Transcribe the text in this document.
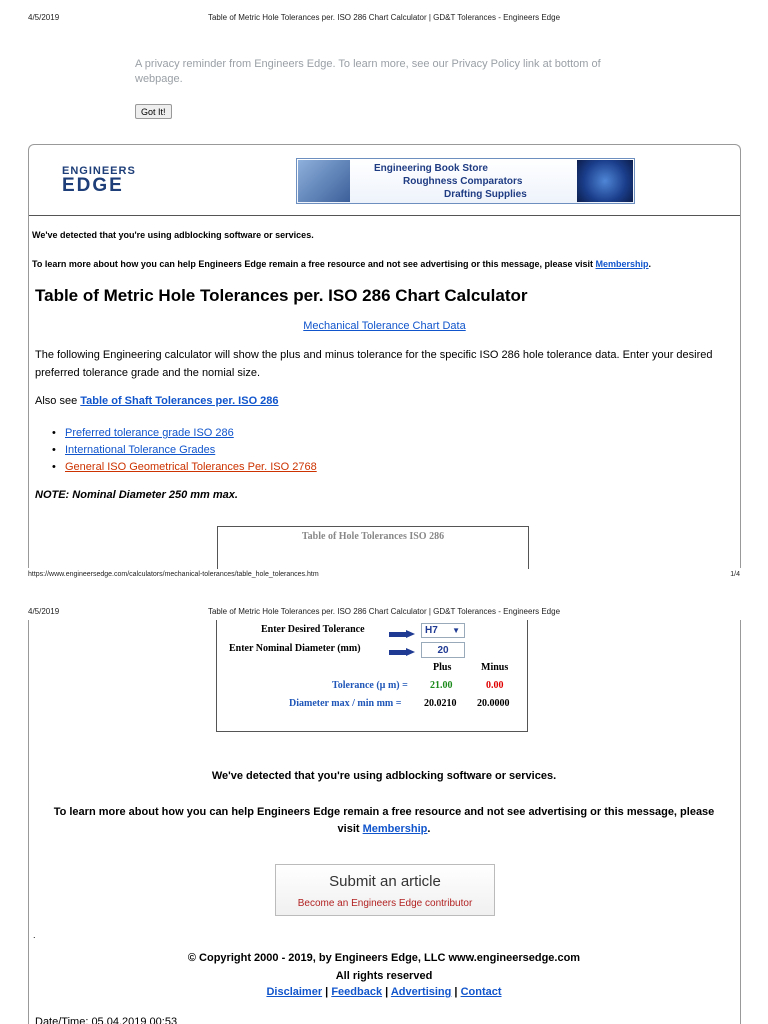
4/5/2019	Table of Metric Hole Tolerances per. ISO 286 Chart Calculator | GD&T Tolerances - Engineers Edge
A privacy reminder from Engineers Edge. To learn more, see our Privacy Policy link at bottom of webpage.
Got It!
ENGINEERS
EDGE
Engineering Book Store
Roughness Comparators
Drafting Supplies
We've detected that you're using adblocking software or services.
To learn more about how you can help Engineers Edge remain a free resource and not see advertising or this message, please visit Membership.
Table of Metric Hole Tolerances per. ISO 286 Chart Calculator
Mechanical Tolerance Chart Data
The following Engineering calculator will show the plus and minus tolerance for the specific ISO 286 hole tolerance data. Enter your desired preferred tolerance grade and the nomial size.
Also see Table of Shaft Tolerances per. ISO 286
• Preferred tolerance grade ISO 286
• International Tolerance Grades
• General ISO Geometrical Tolerances Per. ISO 2768
NOTE: Nominal Diameter 250 mm max.
Table of Hole Tolerances ISO 286
https://www.engineersedge.com/calculators/mechanical-tolerances/table_hole_tolerances.htm	1/4
4/5/2019	Table of Metric Hole Tolerances per. ISO 286 Chart Calculator | GD&T Tolerances - Engineers Edge
Enter Desired Tolerance	H7 ▼
Enter Nominal Diameter (mm)	20
Plus	Minus
Tolerance (µ m) = 21.00	0.00
Diameter max / min mm = 20.0210 20.0000
We've detected that you're using adblocking software or services.
To learn more about how you can help Engineers Edge remain a free resource and not see advertising or this message, please
visit Membership.
Submit an article
Become an Engineers Edge contributor
.
© Copyright 2000 - 2019, by Engineers Edge, LLC www.engineersedge.com
All rights reserved
Disclaimer | Feedback | Advertising | Contact
Date/Time: 05.04.2019 00:53
